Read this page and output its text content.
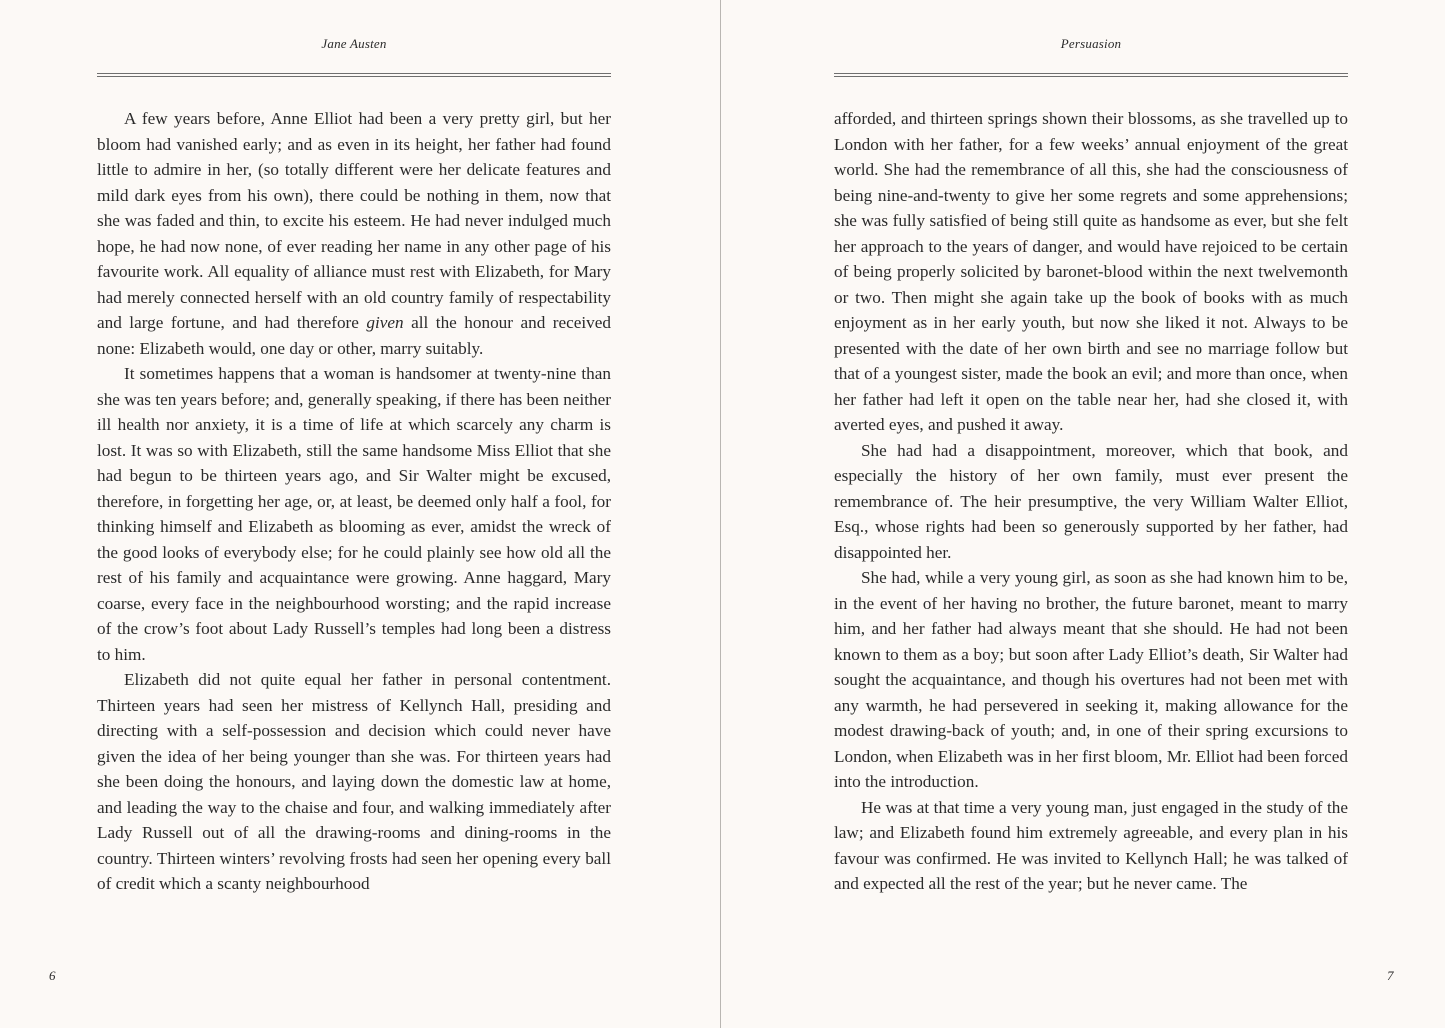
Jane Austen

A few years before, Anne Elliot had been a very pretty girl, but her bloom had vanished early; and as even in its height, her father had found little to admire in her, (so totally different were her delicate features and mild dark eyes from his own), there could be nothing in them, now that she was faded and thin, to excite his esteem. He had never indulged much hope, he had now none, of ever reading her name in any other page of his favourite work. All equality of alliance must rest with Elizabeth, for Mary had merely connected herself with an old country family of respectability and large fortune, and had therefore given all the honour and received none: Elizabeth would, one day or other, marry suitably.

It sometimes happens that a woman is handsomer at twenty-nine than she was ten years before; and, generally speaking, if there has been neither ill health nor anxiety, it is a time of life at which scarcely any charm is lost. It was so with Elizabeth, still the same handsome Miss Elliot that she had begun to be thirteen years ago, and Sir Walter might be excused, therefore, in forgetting her age, or, at least, be deemed only half a fool, for thinking himself and Elizabeth as blooming as ever, amidst the wreck of the good looks of everybody else; for he could plainly see how old all the rest of his family and acquaintance were growing. Anne haggard, Mary coarse, every face in the neighbourhood worsting; and the rapid increase of the crow’s foot about Lady Russell’s temples had long been a distress to him.

Elizabeth did not quite equal her father in personal contentment. Thirteen years had seen her mistress of Kellynch Hall, presiding and directing with a self-possession and decision which could never have given the idea of her being younger than she was. For thirteen years had she been doing the honours, and laying down the domestic law at home, and leading the way to the chaise and four, and walking immediately after Lady Russell out of all the drawing-rooms and dining-rooms in the country. Thirteen winters’ revolving frosts had seen her opening every ball of credit which a scanty neighbourhood

6
Persuasion

afforded, and thirteen springs shown their blossoms, as she travelled up to London with her father, for a few weeks’ annual enjoyment of the great world. She had the remembrance of all this, she had the consciousness of being nine-and-twenty to give her some regrets and some apprehensions; she was fully satisfied of being still quite as handsome as ever, but she felt her approach to the years of danger, and would have rejoiced to be certain of being properly solicited by baronet-blood within the next twelvemonth or two. Then might she again take up the book of books with as much enjoyment as in her early youth, but now she liked it not. Always to be presented with the date of her own birth and see no marriage follow but that of a youngest sister, made the book an evil; and more than once, when her father had left it open on the table near her, had she closed it, with averted eyes, and pushed it away.

She had had a disappointment, moreover, which that book, and especially the history of her own family, must ever present the remembrance of. The heir presumptive, the very William Walter Elliot, Esq., whose rights had been so generously supported by her father, had disappointed her.

She had, while a very young girl, as soon as she had known him to be, in the event of her having no brother, the future baronet, meant to marry him, and her father had always meant that she should. He had not been known to them as a boy; but soon after Lady Elliot’s death, Sir Walter had sought the acquaintance, and though his overtures had not been met with any warmth, he had persevered in seeking it, making allowance for the modest drawing-back of youth; and, in one of their spring excursions to London, when Elizabeth was in her first bloom, Mr. Elliot had been forced into the introduction.

He was at that time a very young man, just engaged in the study of the law; and Elizabeth found him extremely agreeable, and every plan in his favour was confirmed. He was invited to Kellynch Hall; he was talked of and expected all the rest of the year; but he never came. The

7
